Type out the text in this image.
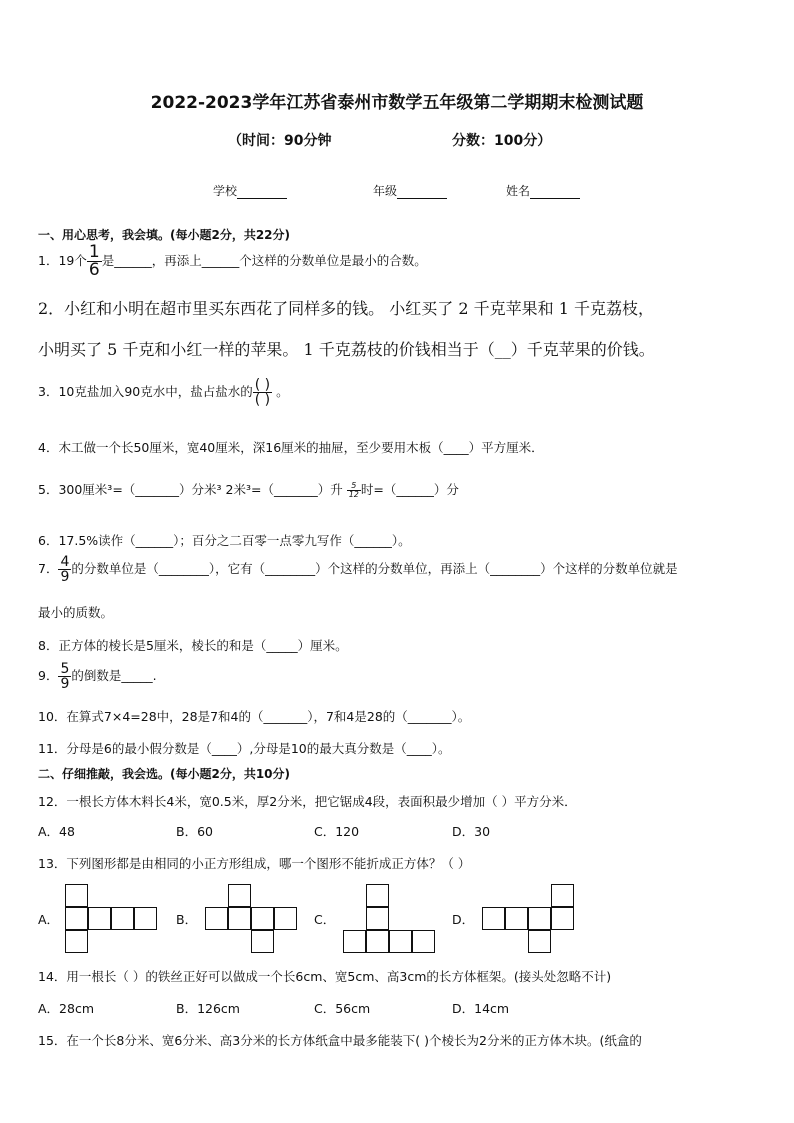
2022-2023学年江苏省泰州市数学五年级第二学期期末检测试题
（时间：90分钟	分数：100分）
学校	年级	姓名
一、用心思考，我会填。(每小题2分，共22分)
1．19个 $\frac{1}{6}$ 是______，再添上______个这样的分数单位是最小的合数。
2．小红和小明在超市里买东西花了同样多的钱。 小红买了 2 千克苹果和 1 千克荔枝，
小明买了 5 千克和小红一样的苹果。 1 千克荔枝的价钱相当于（__）千克苹果的价钱。
3．10克盐加入90克水中，盐占盐水的 $\frac{( )}{( )}$ 。
4．木工做一个长50厘米，宽40厘米，深16厘米的抽屉，至少要用木板（____）平方厘米．
5．300厘米³=（_______）分米³ 2米³=（_______）升 $\frac{5}{12}$ 时=（______）分
6．17.5%读作（______）；百分之二百零一点零九写作（______）。
7． $\frac{4}{9}$ 的分数单位是（________），它有（________）个这样的分数单位，再添上（________）个这样的分数单位就是
最小的质数。
8．正方体的棱长是5厘米，棱长的和是（_____）厘米。
9． $\frac{5}{9}$ 的倒数是_____.
10．在算式7×4=28中，28是7和4的（_______），7和4是28的（_______）。
11．分母是6的最小假分数是（____）,分母是10的最大真分数是（____）。
二、仔细推敲，我会选。(每小题2分，共10分)
12．一根长方体木料长4米，宽0.5米，厚2分米，把它锯成4段，表面积最少增加（ ）平方分米．
A．48	B．60	C．120	D．30
13．下列图形都是由相同的小正方形组成，哪一个图形不能折成正方体？（ ）
A．	B．	C．	D．
14．用一根长（ ）的铁丝正好可以做成一个长6cm、宽5cm、高3cm的长方体框架。(接头处忽略不计)
A．28cm	B．126cm	C．56cm	D．14cm
15．在一个长8分米、宽6分米、高3分米的长方体纸盒中最多能装下( )个棱长为2分米的正方体木块。(纸盒的
